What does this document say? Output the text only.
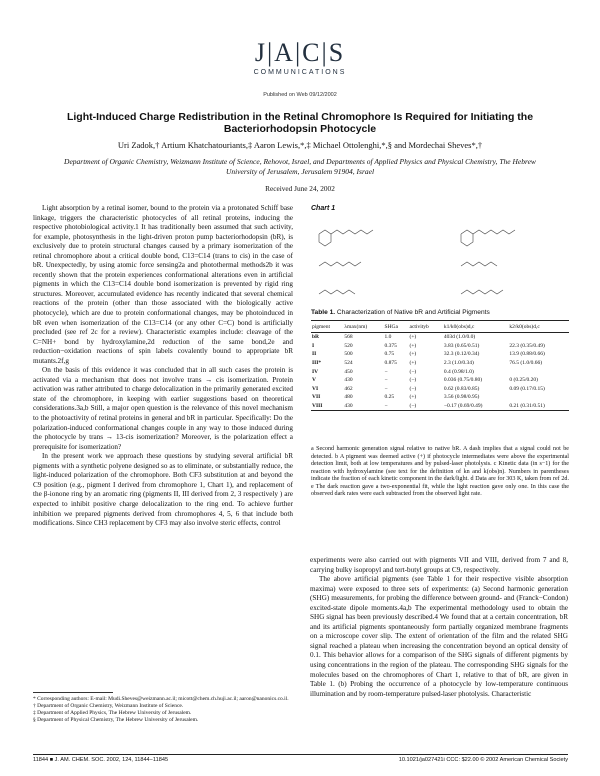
J|A|C|S
COMMUNICATIONS
Published on Web 09/12/2002
Light-Induced Charge Redistribution in the Retinal Chromophore Is Required for Initiating the Bacteriorhodopsin Photocycle
Uri Zadok,† Artium Khatchatouriants,‡ Aaron Lewis,*,‡ Michael Ottolenghi,*,§ and Mordechai Sheves*,†
Department of Organic Chemistry, Weizmann Institute of Science, Rehovot, Israel, and Departments of Applied Physics and Physical Chemistry, The Hebrew University of Jerusalem, Jerusalem 91904, Israel
Received June 24, 2002

Light absorption by a retinal isomer, bound to the protein via a protonated Schiff base linkage, triggers the characteristic photocycles of all retinal proteins, inducing the respective photobiological activity.1 It has traditionally been assumed that such activity, for example, photosynthesis in the light-driven proton pump bacteriorhodopsin (bR), is exclusively due to protein structural changes caused by a primary isomerization of the retinal chromophore about a critical double bond, C13=C14 (trans to cis) in the case of bR. Unexpectedly, by using atomic force sensing2a and photothermal methods2b it was recently shown that the protein experiences conformational alterations even in artificial pigments in which the C13=C14 double bond isomerization is prevented by rigid ring structures. Moreover, accumulated evidence has recently indicated that several chemical reactions of the protein (other than those associated with the biologically active photocycle), which are due to protein conformational changes, may be photoinduced in bR even when isomerization of the C13=C14 (or any other C=C) bond is artificially precluded (see ref 2c for a review). Characteristic examples include: cleavage of the C=NH+ bond by hydroxylamine,2d reduction of the same bond,2e and reduction−oxidation reactions of spin labels covalently bound to appropriate bR mutants.2f,g

On the basis of this evidence it was concluded that in all such cases the protein is activated via a mechanism that does not involve trans → cis isomerization. Protein activation was rather attributed to charge delocalization in the primarily generated excited state of the chromophore, in keeping with earlier suggestions based on theoretical considerations.3a,b Still, a major open question is the relevance of this novel mechanism to the photoactivity of retinal proteins in general and bR in particular. Specifically: Do the polarization-induced conformational changes couple in any way to those induced during the photocycle by trans → 13-cis isomerization? Moreover, is the polarization effect a prerequisite for isomerization?

In the present work we approach these questions by studying several artificial bR pigments with a synthetic polyene designed so as to eliminate, or substantially reduce, the light-induced polarization of the chromophore. Both CF3 substitution at and beyond the C9 position (e.g., pigment I derived from chromophore 1, Chart 1), and replacement of the β-ionone ring by an aromatic ring (pigments II, III derived from 2, 3 respectively ) are expected to inhibit positive charge delocalization to the ring end. To achieve further inhibition we prepared pigments derived from chromophores 4, 5, 6 that include both modifications. Since CH3 replacement by CF3 may also involve steric effects, control

* Corresponding authors: E-mail: Mudi.Sheves@weizmann.ac.il; micott@chem.ch.huji.ac.il; aaron@nanonics.co.il.
† Department of Organic Chemistry, Weizmann Institute of Science.
‡ Department of Applied Physics, The Hebrew University of Jerusalem.
§ Department of Physical Chemistry, The Hebrew University of Jerusalem.
Chart 1
Table 1. Characterization of Native bR and Artificial Pigments
pigment	λmax(nm)	SHGa	activityb	k1/k0(obs)d,c	k2/k0(obs)d,c
bR	568	1.0	(+)	403d (1.0/0.0)	
I	520	0.375	(+)	3.83 (0.65/0.51)	22.3 (0.35/0.49)
II	500	0.75	(+)	32.3 (0.12/0.34)	13.9 (0.88/0.66)
III*	524	0.875	(+)	2.3 (1.0/0.34)	76.5 (1.0/0.66)
IV	450	−	(−)	0.4 (0.98/1.0)	
V	430	−	(−)	0.036 (0.75/0.80)	0 (0.25/0.20)
VI	462	−	(−)	0.62 (0.83/0.85)	0.09 (0.17/0.15)
VII	480	0.25	(+)	3.56 (0.98/0.95)	
VIII	430	−	(−)	−0.17 (0.69/0.49)	0.21 (0.31/0.51)
a Second harmonic generation signal relative to native bR. A dash implies that a signal could not be detected. b A pigment was deemed active (+) if photocycle intermediates were above the experimental detection limit, both at low temperatures and by pulsed-laser photolysis. c Kinetic data (in s−1) for the reaction with hydroxylamine (see text for the definition of kn and k(obs)n). Numbers in parentheses indicate the fraction of each kinetic component in the dark/light. d Data are for 303 K, taken from ref 2d. e The dark reaction gave a two-exponential fit, while the light reaction gave only one. In this case the observed dark rates were each subtracted from the observed light rate.

experiments were also carried out with pigments VII and VIII, derived from 7 and 8, carrying bulky isopropyl and tert-butyl groups at C9, respectively.

The above artificial pigments (see Table 1 for their respective visible absorption maxima) were exposed to three sets of experiments: (a) Second harmonic generation (SHG) measurements, for probing the difference between ground- and (Franck−Condon) excited-state dipole moments.4a,b The experimental methodology used to obtain the SHG signal has been previously described.4 We found that at a certain concentration, bR and its artificial pigments spontaneously form partially organized membrane fragments on a microscope cover slip. The extent of orientation of the film and the related SHG signal reached a plateau when increasing the concentration beyond an optical density of 0.1. This behavior allows for a comparison of the SHG signals of different pigments by using concentrations in the region of the plateau. The corresponding SHG signals for the molecules based on the chromophores of Chart 1, relative to that of bR, are given in Table 1. (b) Probing the occurrence of a photocycle by low-temperature continuous illumination and by room-temperature pulsed-laser photolysis. Characteristic

11844 ■ J. AM. CHEM. SOC. 2002, 124, 11844−11845	10.1021/ja027421i CCC: $22.00 © 2002 American Chemical Society
